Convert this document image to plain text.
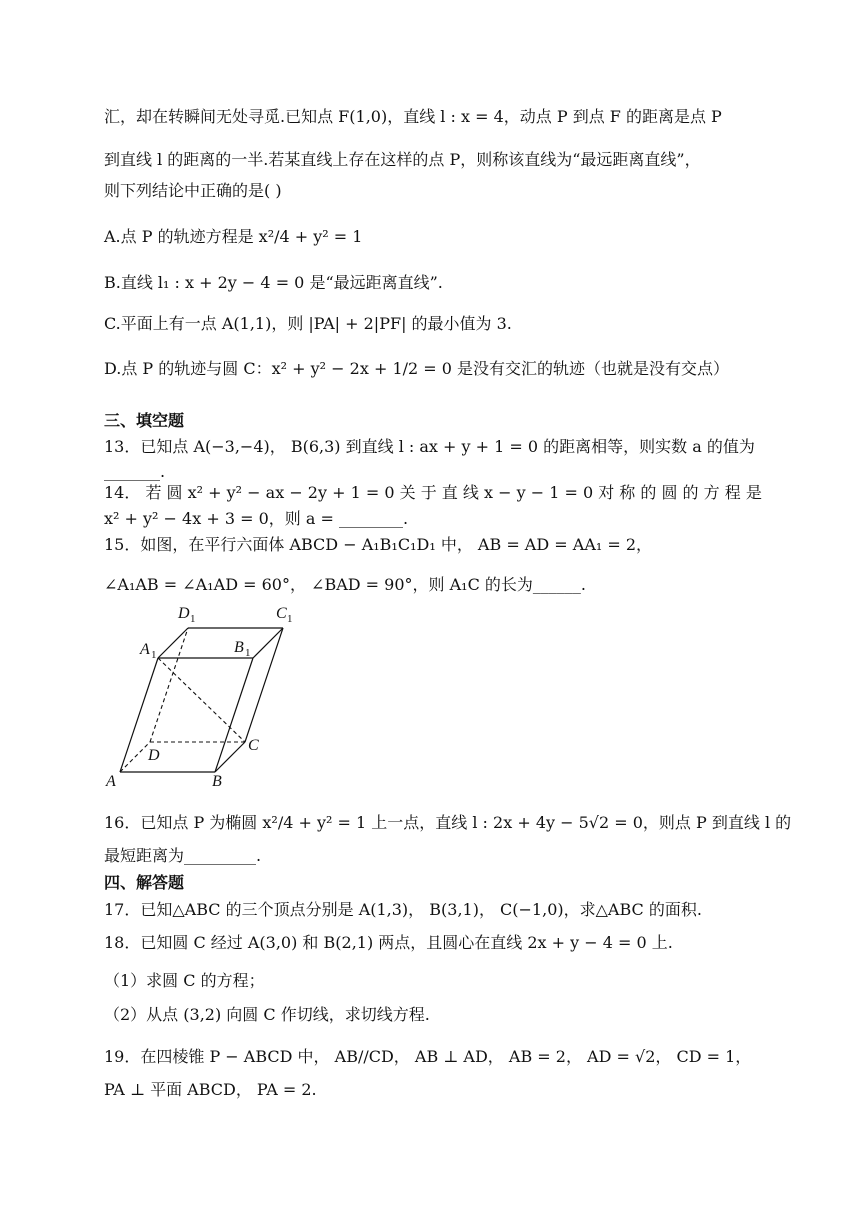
汇，却在转瞬间无处寻觅.已知点 F(1,0)，直线 l : x = 4，动点 P 到点 F 的距离是点 P
到直线 l 的距离的一半.若某直线上存在这样的点 P，则称该直线为“最远距离直线”，
则下列结论中正确的是( )
A.点 P 的轨迹方程是 x²/4 + y² = 1
B.直线 l₁ : x + 2y − 4 = 0 是“最远距离直线”.
C.平面上有一点 A(1,1)，则 |PA| + 2|PF| 的最小值为 3.
D.点 P 的轨迹与圆 C：x² + y² − 2x + 1/2 = 0 是没有交汇的轨迹（也就是没有交点）
三、填空题
13．已知点 A(−3,−4)， B(6,3) 到直线 l : ax + y + 1 = 0 的距离相等，则实数 a 的值为
_______.
14． 若 圆 x² + y² − ax − 2y + 1 = 0 关 于 直 线 x − y − 1 = 0 对 称 的 圆 的 方 程 是
x² + y² − 4x + 3 = 0，则 a = ________.
15．如图，在平行六面体 ABCD − A₁B₁C₁D₁ 中， AB = AD = AA₁ = 2，
∠A₁AB = ∠A₁AD = 60°， ∠BAD = 90°，则 A₁C 的长为______.
A	B
C
D
A 1	B 1
C 1
D 1
16．已知点 P 为椭圆 x²/4 + y² = 1 上一点，直线 l : 2x + 4y − 5√2 = 0，则点 P 到直线 l 的
最短距离为_________.
四、解答题
17．已知△ABC 的三个顶点分别是 A(1,3)， B(3,1)， C(−1,0)，求△ABC 的面积.
18．已知圆 C 经过 A(3,0) 和 B(2,1) 两点，且圆心在直线 2x + y − 4 = 0 上.
（1）求圆 C 的方程；
（2）从点 (3,2) 向圆 C 作切线，求切线方程.
19．在四棱锥 P − ABCD 中， AB//CD， AB ⊥ AD， AB = 2， AD = √2， CD = 1，
PA ⊥ 平面 ABCD， PA = 2.
